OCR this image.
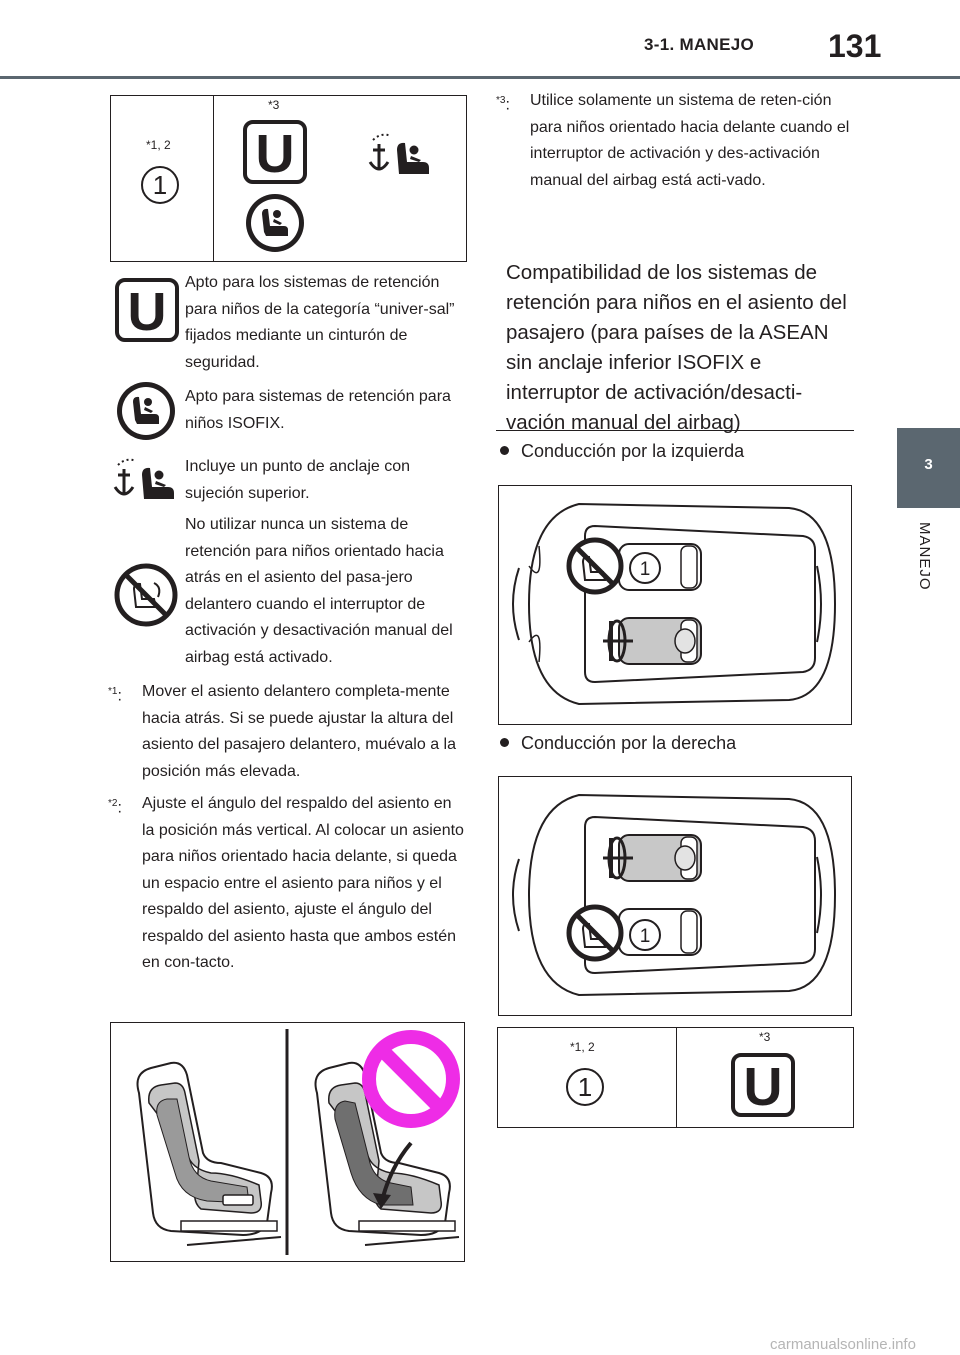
3-1. MANEJO 131
3
MANEJO
*1, 2
1
*3
U
U Apto para los sistemas de retención para niños de la categoría “univer-sal” fijados mediante un cinturón de seguridad.
Apto para sistemas de retención para niños ISOFIX.
Incluye un punto de anclaje con sujeción superior.
No utilizar nunca un sistema de retención para niños orientado hacia atrás en el asiento del pasa-jero delantero cuando el interruptor de activación y desactivación manual del airbag está activado.
$^{*1}$: Mover el asiento delantero completa-mente hacia atrás. Si se puede ajustar la altura del asiento del pasajero delantero, muévalo a la posición más elevada.
$^{*2}$: Ajuste el ángulo del respaldo del asiento en la posición más vertical. Al colocar un asiento para niños orientado hacia delante, si queda un espacio entre el asiento para niños y el respaldo del asiento, ajuste el ángulo del respaldo del asiento hasta que ambos estén en con-tacto.
$^{*3}$: Utilice solamente un sistema de reten-ción para niños orientado hacia delante cuando el interruptor de activación y des-activación manual del airbag está acti-vado.
Compatibilidad de los sistemas de retención para niños en el asiento del pasajero (para países de la ASEAN sin anclaje inferior ISOFIX e interruptor de activación/desacti-vación manual del airbag)
Conducción por la izquierda
1
Conducción por la derecha
1
*1, 2
1
*3
U
carmanualsonline.info
